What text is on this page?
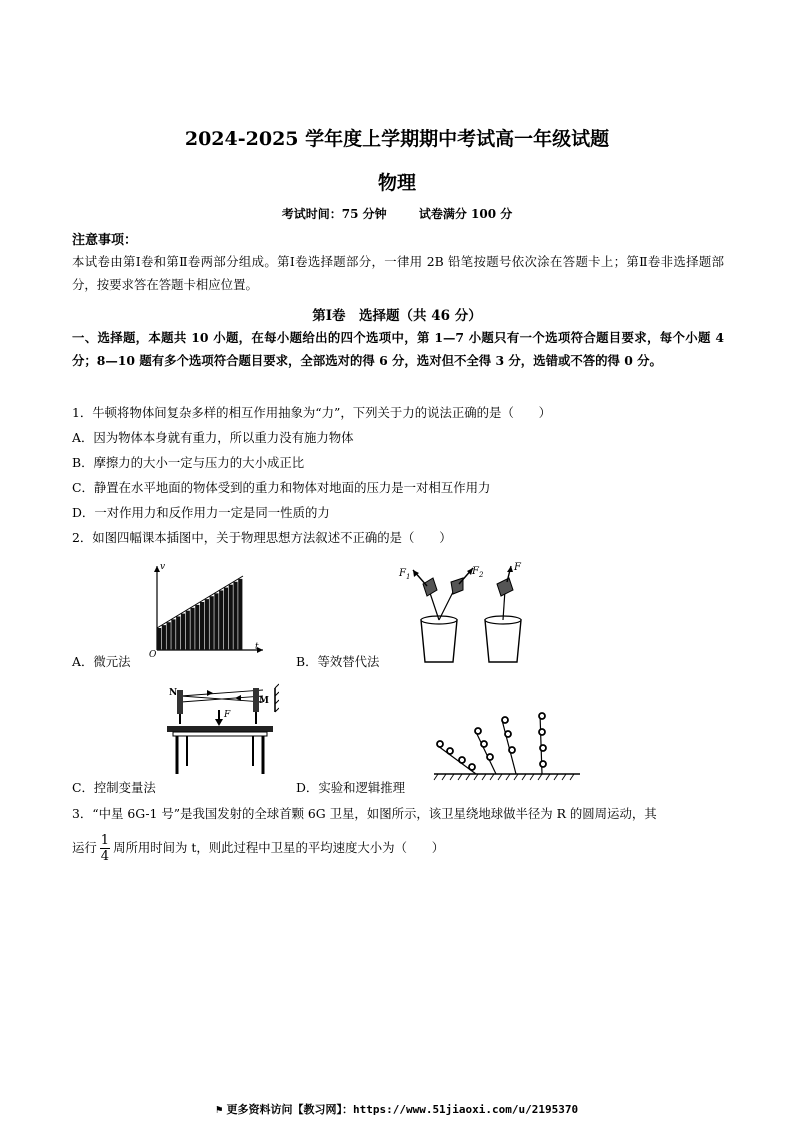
2024-2025 学年度上学期期中考试高一年级试题
物理
考试时间：75 分钟	试卷满分 100 分
注意事项：
本试卷由第Ⅰ卷和第Ⅱ卷两部分组成。第Ⅰ卷选择题部分，一律用 2B 铅笔按题号依次涂在答题卡上；第Ⅱ卷非选择题部分，按要求答在答题卡相应位置。
第Ⅰ卷　选择题（共 46 分）
一、选择题，本题共 10 小题，在每小题给出的四个选项中，第 1—7 小题只有一个选项符合题目要求，每个小题 4 分；8—10 题有多个选项符合题目要求，全部选对的得 6 分，选对但不全得 3 分，选错或不答的得 0 分。
1．牛顿将物体间复杂多样的相互作用抽象为“力”，下列关于力的说法正确的是（　　）
A．因为物体本身就有重力，所以重力没有施力物体
B．摩擦力的大小一定与压力的大小成正比
C．静置在水平地面的物体受到的重力和物体对地面的压力是一对相互作用力
D．一对作用力和反作用力一定是同一性质的力
2．如图四幅课本插图中，关于物理思想方法叙述不正确的是（　　）
v
t
O
A．微元法
$F_1$	$F_2$
F
B．等效替代法
N
M
F
C．控制变量法	D．实验和逻辑推理
3．“中星 6G-1 号”是我国发射的全球首颗 6G 卫星，如图所示，该卫星绕地球做半径为 R 的圆周运动，其
运行 $\frac{1}{4}$ 周所用时间为 t，则此过程中卫星的平均速度大小为（　　）
⚑ 更多资料访问【教习网】：https://www.51jiaoxi.com/u/2195370
